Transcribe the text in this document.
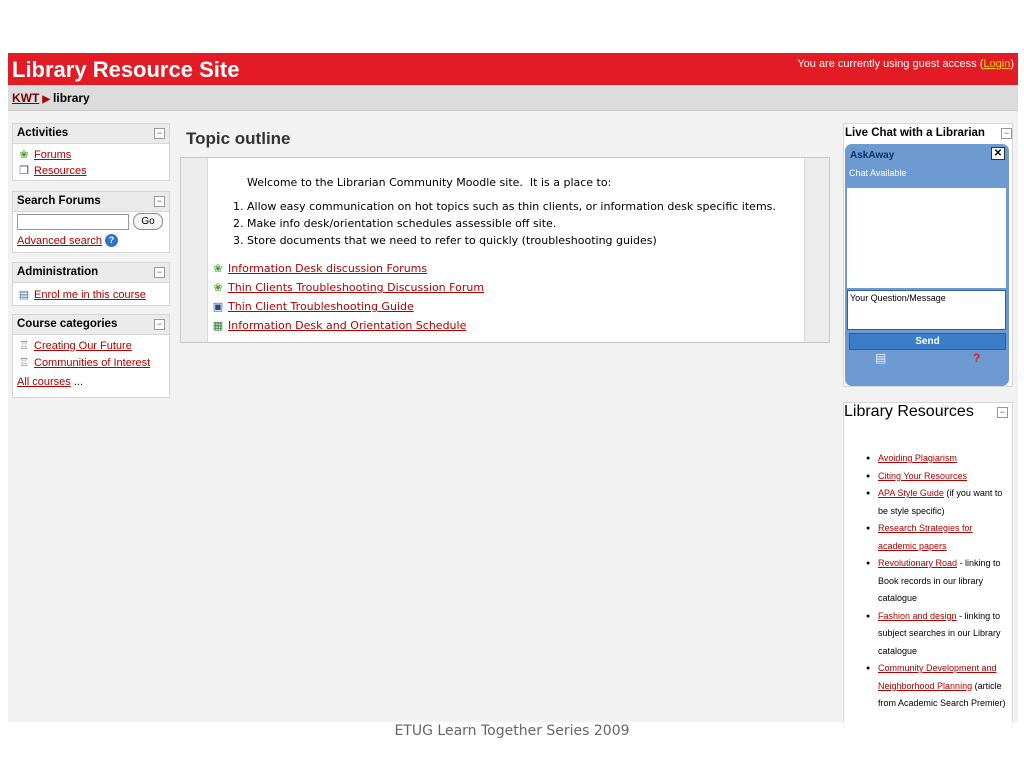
Library Resource Site	You are currently using guest access (Login)
KWT ▶ library
Activities	−
❀ Forums
❐ Resources
Search Forums	−
Go
Advanced search ?
Administration	−
▤ Enrol me in this course
Course categories	−
♖ Creating Our Future
♖ Communities of Interest
All courses ...
Topic outline
Welcome to the Librarian Community Moodle site.  It is a place to:
1. Allow easy communication on hot topics such as thin clients, or information desk specific items.
2. Make info desk/orientation schedules assessible off site.
3. Store documents that we need to refer to quickly (troubleshooting guides)
❀ Information Desk discussion Forums
❀ Thin Clients Troubleshooting Discussion Forum
▣ Thin Client Troubleshooting Guide
▦ Information Desk and Orientation Schedule
Live Chat with a Librarian	−
AskAway	✕
Chat Available
Your Question/Message
Send
▤	?
Library Resources	−
● Avoiding Plagiarism
● Citing Your Resources
● APA Style Guide (if you want to be style specific)
● Research Strategies for academic papers
● Revolutionary Road - linking to Book records in our library catalogue
● Fashion and design - linking to subject searches in our Library catalogue
● Community Development and Neighborhood Planning (article from Academic Search Premier)
ETUG Learn Together Series 2009
